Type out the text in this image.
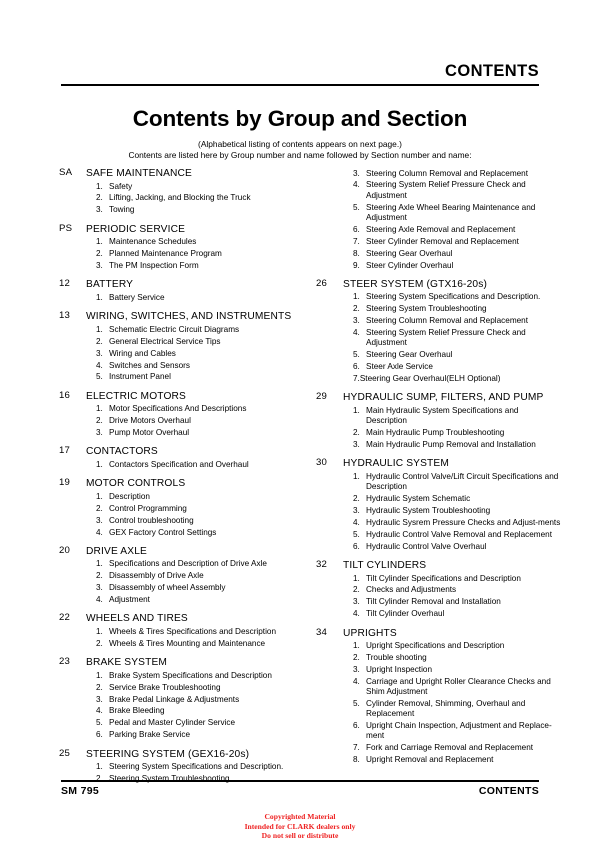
CONTENTS
Contents by Group and Section
(Alphabetical listing of contents appears on next page.)
Contents are listed here by Group number and name followed by Section number and name:
SA SAFE MAINTENANCE
1. Safety
2. Lifting, Jacking, and Blocking the Truck
3. Towing
PS PERIODIC SERVICE
1. Maintenance Schedules
2. Planned Maintenance Program
3. The PM Inspection Form
12 BATTERY
1. Battery Service
13 WIRING, SWITCHES, AND INSTRUMENTS
1. Schematic Electric Circuit Diagrams
2. General Electrical Service Tips
3. Wiring and Cables
4. Switches and Sensors
5. Instrument Panel
16 ELECTRIC MOTORS
1. Motor Specifications And Descriptions
2. Drive Motors Overhaul
3. Pump Motor Overhaul
17 CONTACTORS
1. Contactors Specification and Overhaul
19 MOTOR CONTROLS
1. Description
2. Control Programming
3. Control troubleshooting
4. GEX Factory Control Settings
20 DRIVE AXLE
1. Specifications and Description of Drive Axle
2. Disassembly of Drive Axle
3. Disassembly of wheel Assembly
4. Adjustment
22 WHEELS AND TIRES
1. Wheels & Tires Specifications and Description
2. Wheels & Tires Mounting and Maintenance
23 BRAKE SYSTEM
1. Brake System Specifications and Description
2. Service Brake Troubleshooting
3. Brake Pedal Linkage & Adjustments
4. Brake Bleeding
5. Pedal and Master Cylinder Service
6. Parking Brake Service
25 STEERING SYSTEM (GEX16-20s)
1. Steering System Specifications and Description.
2. Steering System Troubleshooting
3. Steering Column Removal and Replacement
4. Steering System Relief Pressure Check and Adjustment
5. Steering Axle Wheel Bearing Maintenance and Adjustment
6. Steering Axle Removal and Replacement
7. Steer Cylinder Removal and Replacement
8. Steering Gear Overhaul
9. Steer Cylinder Overhaul
26 STEER SYSTEM (GTX16-20s)
1. Steering System Specifications and Description.
2. Steering System Troubleshooting
3. Steering Column Removal and Replacement
4. Steering System Relief Pressure Check and Adjustment
5. Steering Gear Overhaul
6. Steer Axle Service
7.Steering Gear Overhaul(ELH Optional)
29 HYDRAULIC SUMP, FILTERS, AND PUMP
1. Main Hydraulic System Specifications and Description
2. Main Hydraulic Pump Troubleshooting
3. Main Hydraulic Pump Removal and Installation
30 HYDRAULIC SYSTEM
1. Hydraulic Control Valve/Lift Circuit Specifications and Description
2. Hydraulic System Schematic
3. Hydraulic System Troubleshooting
4. Hydraulic Sysrem Pressure Checks and Adjust-ments
5. Hydraulic Control Valve Removal and Replacement
6. Hydraulic Control Valve Overhaul
32 TILT CYLINDERS
1. Tilt Cylinder Specifications and Description
2. Checks and Adjustments
3. Tilt Cylinder Removal and Installation
4. Tilt Cylinder Overhaul
34 UPRIGHTS
1. Upright Specifications and Description
2. Trouble shooting
3. Upright Inspection
4. Carriage and Upright Roller Clearance Checks and Shim Adjustment
5. Cylinder Removal, Shimming, Overhaul and Replacement
6. Upright Chain Inspection, Adjustment and Replace-ment
7. Fork and Carriage Removal and Replacement
8. Upright Removal and Replacement
SM 795	CONTENTS
Copyrighted Material
Intended for CLARK dealers only
Do not sell or distribute
